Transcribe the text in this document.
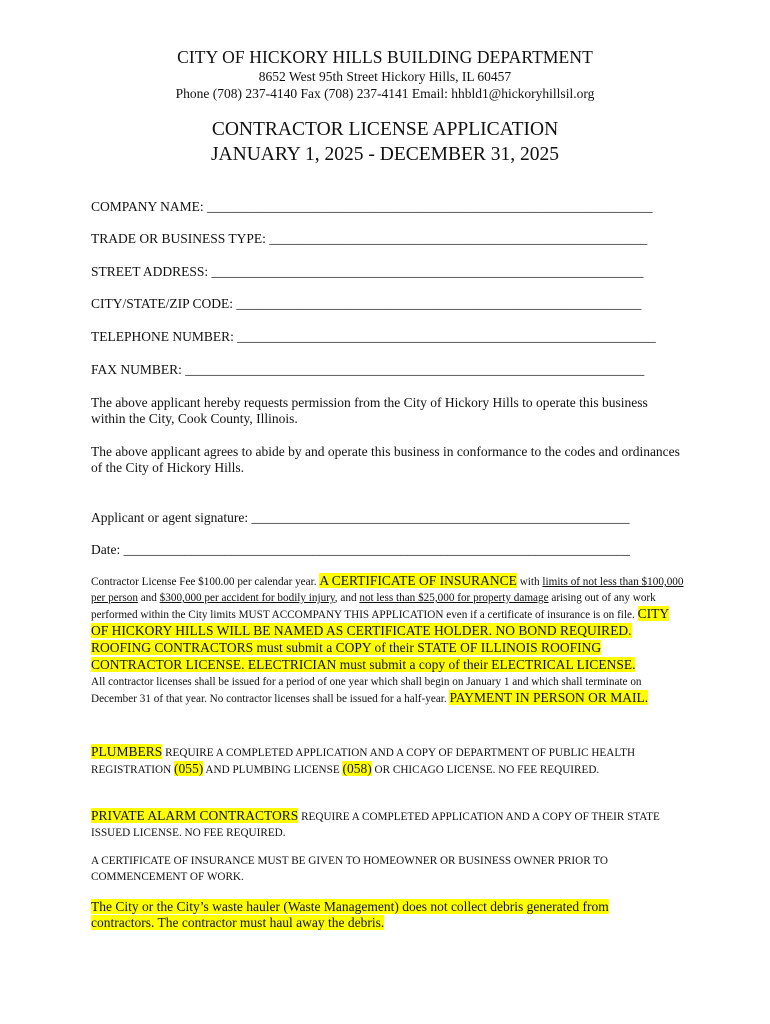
CITY OF HICKORY HILLS BUILDING DEPARTMENT
8652 West 95th Street Hickory Hills, IL 60457
Phone (708) 237-4140 Fax (708) 237-4141 Email: hhbld1@hickoryhillsil.org
CONTRACTOR LICENSE APPLICATION
JANUARY 1, 2025 - DECEMBER 31, 2025
COMPANY NAME: __________________________________________________________________
TRADE OR BUSINESS TYPE: ________________________________________________________
STREET ADDRESS: ________________________________________________________________
CITY/STATE/ZIP CODE: ____________________________________________________________
TELEPHONE NUMBER: ______________________________________________________________
FAX NUMBER: ____________________________________________________________________
The above applicant hereby requests permission from the City of Hickory Hills to operate this business within the City, Cook County, Illinois.
The above applicant agrees to abide by and operate this business in conformance to the codes and ordinances of the City of Hickory Hills.
Applicant or agent signature: ________________________________________________________
Date: ___________________________________________________________________________
Contractor License Fee $100.00 per calendar year. A CERTIFICATE OF INSURANCE with limits of not less than $100,000 per person and $300,000 per accident for bodily injury, and not less than $25,000 for property damage arising out of any work performed within the City limits MUST ACCOMPANY THIS APPLICATION even if a certificate of insurance is on file. CITY OF HICKORY HILLS WILL BE NAMED AS CERTIFICATE HOLDER. NO BOND REQUIRED. ROOFING CONTRACTORS must submit a COPY of their STATE OF ILLINOIS ROOFING CONTRACTOR LICENSE. ELECTRICIAN must submit a copy of their ELECTRICAL LICENSE.
All contractor licenses shall be issued for a period of one year which shall begin on January 1 and which shall terminate on December 31 of that year. No contractor licenses shall be issued for a half-year. PAYMENT IN PERSON OR MAIL.
PLUMBERS REQUIRE A COMPLETED APPLICATION AND A COPY OF DEPARTMENT OF PUBLIC HEALTH REGISTRATION (055) AND PLUMBING LICENSE (058) OR CHICAGO LICENSE. NO FEE REQUIRED.
PRIVATE ALARM CONTRACTORS REQUIRE A COMPLETED APPLICATION AND A COPY OF THEIR STATE ISSUED LICENSE. NO FEE REQUIRED.
A CERTIFICATE OF INSURANCE MUST BE GIVEN TO HOMEOWNER OR BUSINESS OWNER PRIOR TO COMMENCEMENT OF WORK.
The City or the City’s waste hauler (Waste Management) does not collect debris generated from contractors. The contractor must haul away the debris.
